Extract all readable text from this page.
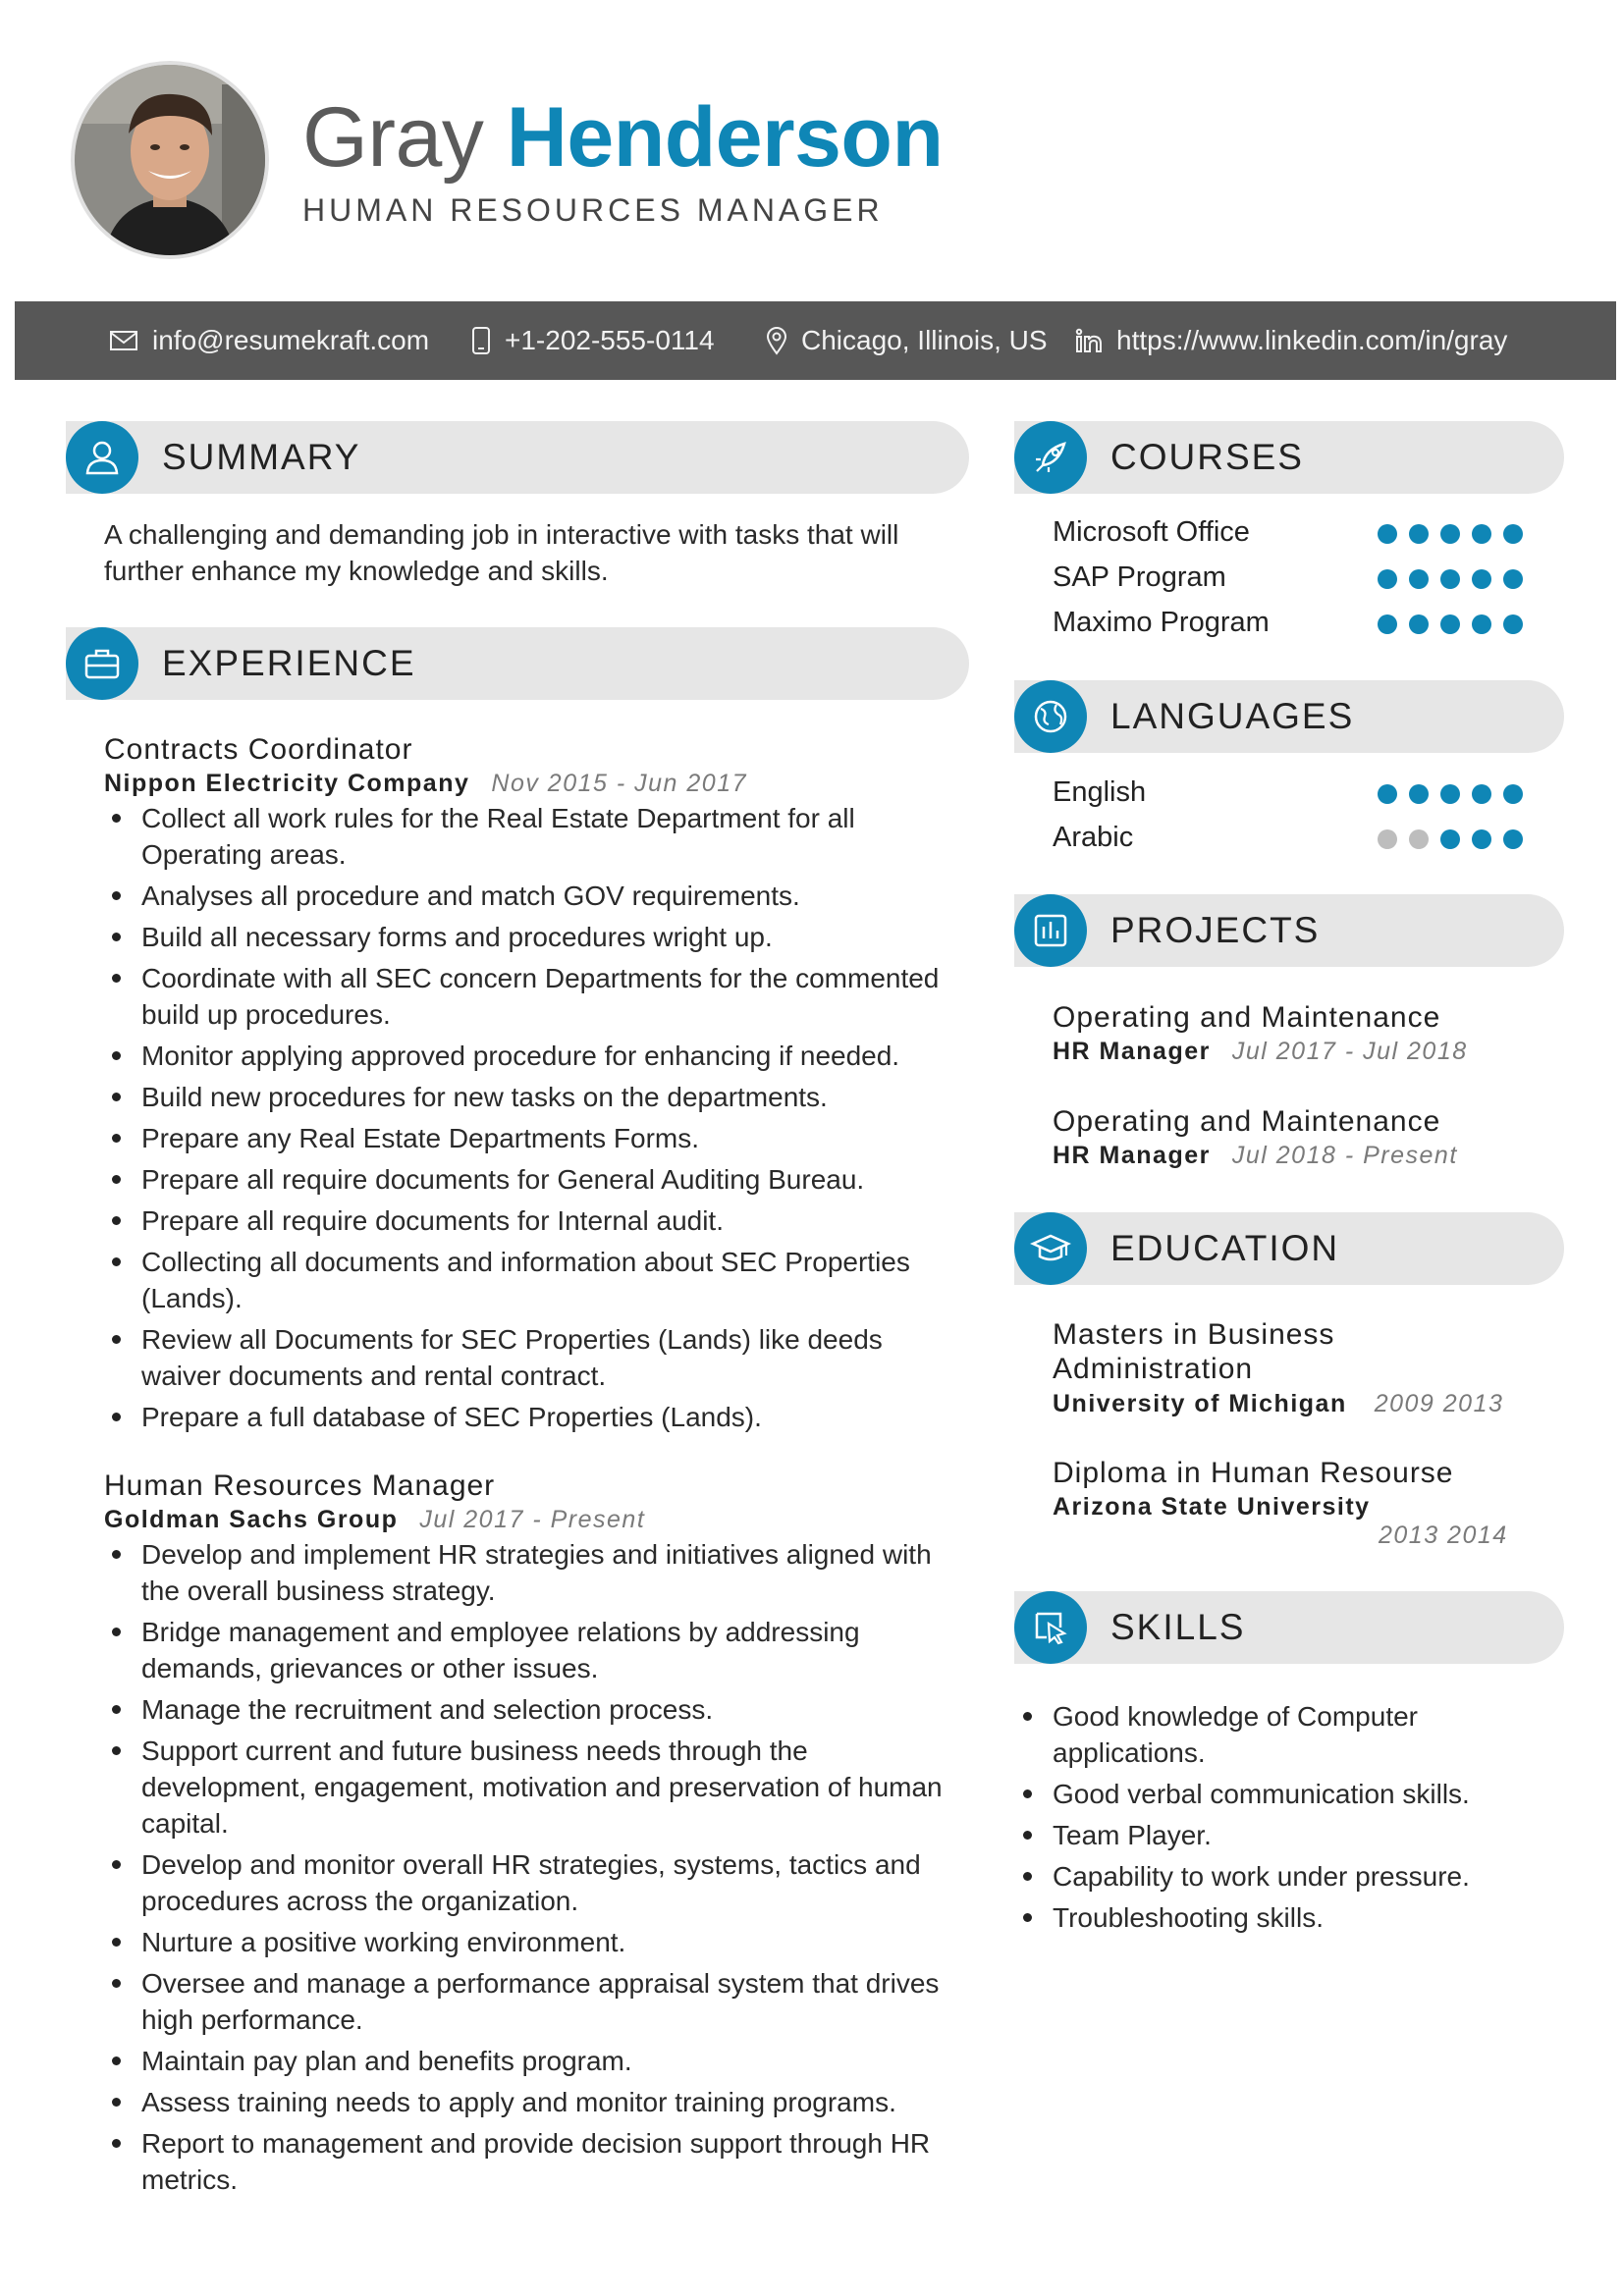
Gray Henderson
HUMAN RESOURCES MANAGER
info@resumekraft.com	+1-202-555-0114	Chicago, Illinois, US	https://www.linkedin.com/in/gray
SUMMARY
A challenging and demanding job in interactive with tasks that will
further enhance my knowledge and skills.
EXPERIENCE
Contracts Coordinator
Nippon Electricity Company Nov 2015 - Jun 2017
Collect all work rules for the Real Estate Department for all Operating areas.
Analyses all procedure and match GOV requirements.
Build all necessary forms and procedures wright up.
Coordinate with all SEC concern Departments for the commented build up procedures.
Monitor applying approved procedure for enhancing if needed.
Build new procedures for new tasks on the departments.
Prepare any Real Estate Departments Forms.
Prepare all require documents for General Auditing Bureau.
Prepare all require documents for Internal audit.
Collecting all documents and information about SEC Properties (Lands).
Review all Documents for SEC Properties (Lands) like deeds waiver documents and rental contract.
Prepare a full database of SEC Properties (Lands).
Human Resources Manager
Goldman Sachs Group Jul 2017 - Present
Develop and implement HR strategies and initiatives aligned with the overall business strategy.
Bridge management and employee relations by addressing demands, grievances or other issues.
Manage the recruitment and selection process.
Support current and future business needs through the development, engagement, motivation and preservation of human capital.
Develop and monitor overall HR strategies, systems, tactics and procedures across the organization.
Nurture a positive working environment.
Oversee and manage a performance appraisal system that drives high performance.
Maintain pay plan and benefits program.
Assess training needs to apply and monitor training programs.
Report to management and provide decision support through HR metrics.
COURSES
Microsoft Office
SAP Program
Maximo Program
LANGUAGES
English
Arabic
PROJECTS
Operating and Maintenance
HR Manager Jul 2017 - Jul 2018
Operating and Maintenance
HR Manager Jul 2018 - Present
EDUCATION
Masters in Business
Administration
University of Michigan 2009 2013
Diploma in Human Resourse
Arizona State University
2013 2014
SKILLS
Good knowledge of Computer applications.
Good verbal communication skills.
Team Player.
Capability to work under pressure.
Troubleshooting skills.
